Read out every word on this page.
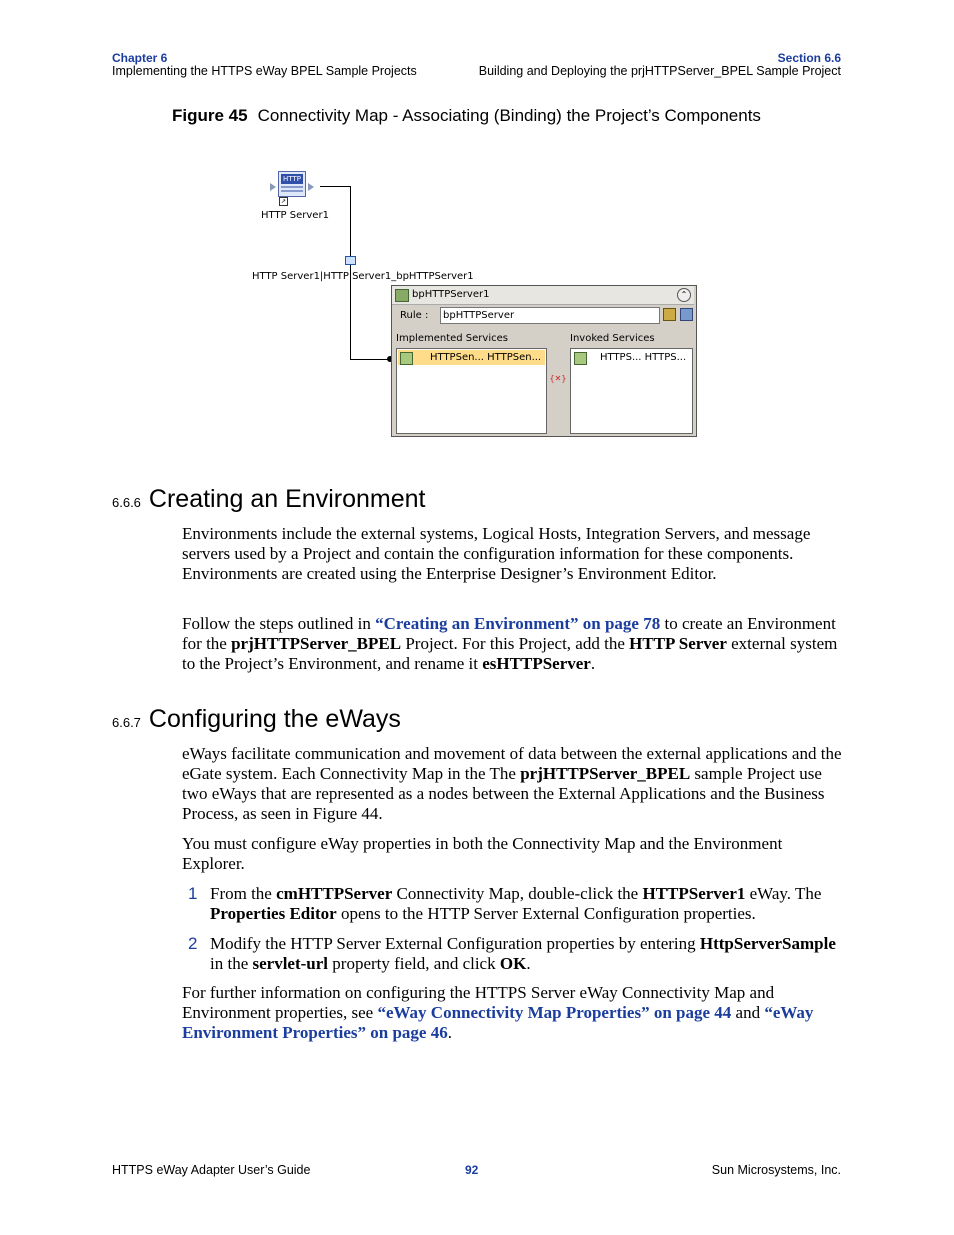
Chapter 6
Implementing the HTTPS eWay BPEL Sample Projects
Section 6.6
Building and Deploying the prjHTTPServer_BPEL Sample Project
Figure 45 Connectivity Map - Associating (Binding) the Project’s Components
HTTP
↗
HTTP Server1
HTTP Server1|HTTP Server1_bpHTTPServer1
bpHTTPServer1	⌃
Rule : bpHTTPServer
Implemented Services	Invoked Services
HTTPSen... HTTPSen...
{✕}
HTTPS... HTTPS...
6.6.6 Creating an Environment
Environments include the external systems, Logical Hosts, Integration Servers, and message servers used by a Project and contain the configuration information for these components. Environments are created using the Enterprise Designer’s Environment Editor.
Follow the steps outlined in “Creating an Environment” on page 78 to create an Environment for the prjHTTPServer_BPEL Project. For this Project, add the HTTP Server external system to the Project’s Environment, and rename it esHTTPServer.
6.6.7 Configuring the eWays
eWays facilitate communication and movement of data between the external applications and the eGate system. Each Connectivity Map in the The prjHTTPServer_BPEL sample Project use two eWays that are represented as a nodes between the External Applications and the Business Process, as seen in Figure 44.
You must configure eWay properties in both the Connectivity Map and the Environment Explorer.
1 From the cmHTTPServer Connectivity Map, double-click the HTTPServer1 eWay. The Properties Editor opens to the HTTP Server External Configuration properties.
2 Modify the HTTP Server External Configuration properties by entering HttpServerSample in the servlet-url property field, and click OK.
For further information on configuring the HTTPS Server eWay Connectivity Map and Environment properties, see “eWay Connectivity Map Properties” on page 44 and “eWay Environment Properties” on page 46.
HTTPS eWay Adapter User’s Guide	92	Sun Microsystems, Inc.
